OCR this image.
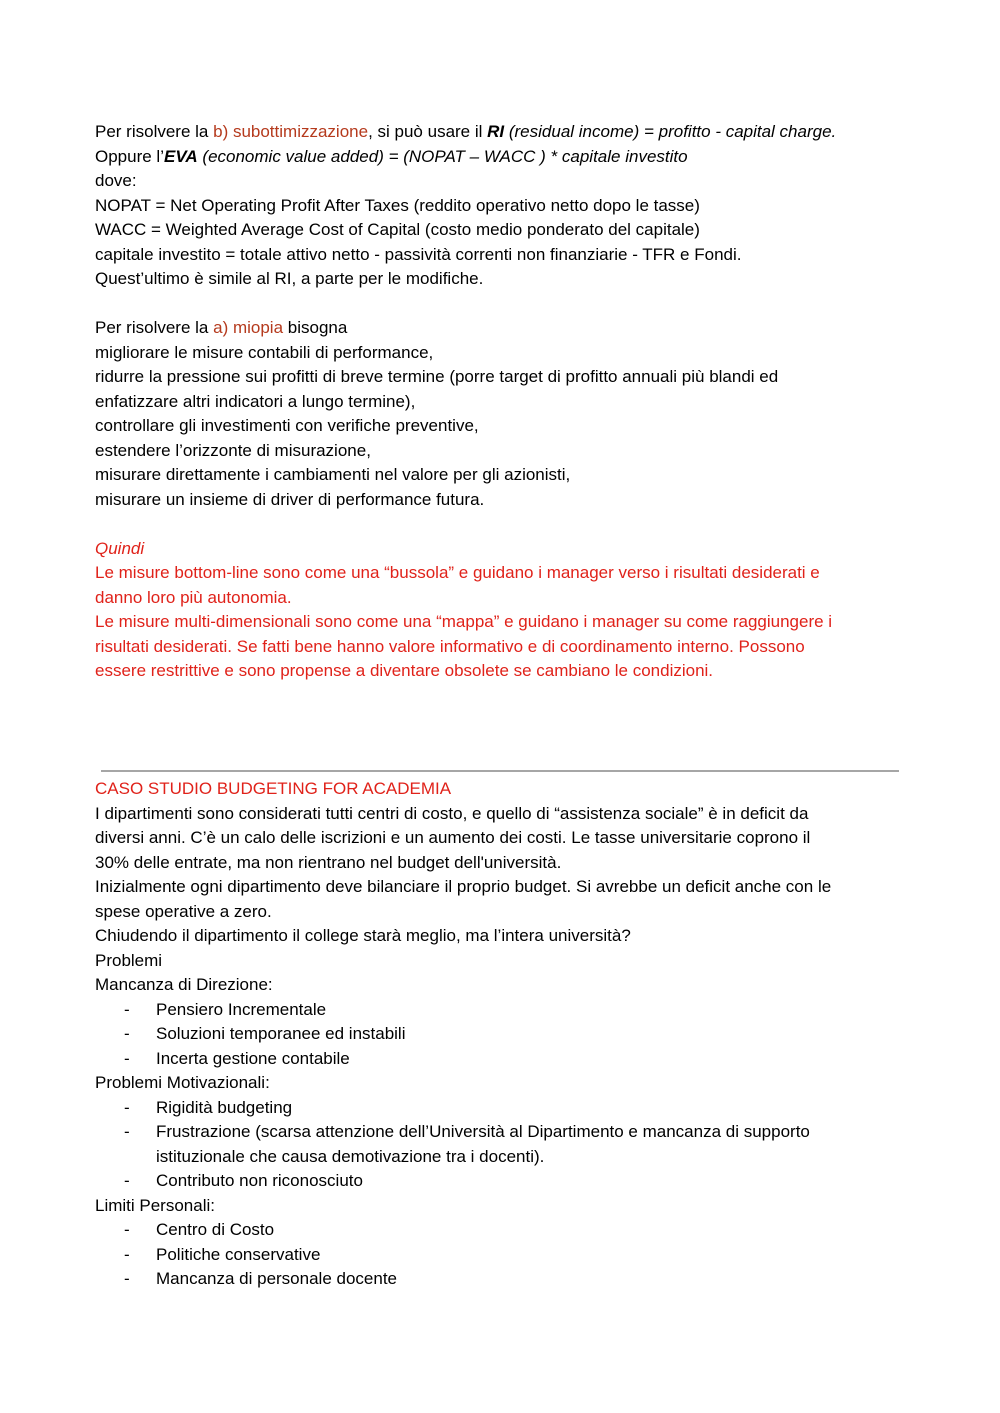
Per risolvere la b) subottimizzazione, si può usare il RI (residual income) = profitto - capital charge.
Oppure l’EVA (economic value added) = (NOPAT – WACC ) * capitale investito
dove:
NOPAT = Net Operating Profit After Taxes (reddito operativo netto dopo le tasse)
WACC = Weighted Average Cost of Capital (costo medio ponderato del capitale)
capitale investito = totale attivo netto - passività correnti non finanziarie - TFR e Fondi.
Quest’ultimo è simile al RI, a parte per le modifiche.
Per risolvere la a) miopia bisogna
migliorare le misure contabili di performance,
ridurre la pressione sui profitti di breve termine (porre target di profitto annuali più blandi ed
enfatizzare altri indicatori a lungo termine),
controllare gli investimenti con verifiche preventive,
estendere l’orizzonte di misurazione,
misurare direttamente i cambiamenti nel valore per gli azionisti,
misurare un insieme di driver di performance futura.
Quindi
Le misure bottom-line sono come una “bussola” e guidano i manager verso i risultati desiderati e
danno loro più autonomia.
Le misure multi-dimensionali sono come una “mappa” e guidano i manager su come raggiungere i
risultati desiderati. Se fatti bene hanno valore informativo e di coordinamento interno. Possono
essere restrittive e sono propense a diventare obsolete se cambiano le condizioni.
CASO STUDIO BUDGETING FOR ACADEMIA
I dipartimenti sono considerati tutti centri di costo, e quello di “assistenza sociale” è in deficit da
diversi anni. C’è un calo delle iscrizioni e un aumento dei costi. Le tasse universitarie coprono il
30% delle entrate, ma non rientrano nel budget dell'università.
Inizialmente ogni dipartimento deve bilanciare il proprio budget. Si avrebbe un deficit anche con le
spese operative a zero.
Chiudendo il dipartimento il college starà meglio, ma l’intera università?
Problemi
Mancanza di Direzione:
-	Pensiero Incrementale
-	Soluzioni temporanee ed instabili
-	Incerta gestione contabile
Problemi Motivazionali:
-	Rigidità budgeting
-	Frustrazione (scarsa attenzione dell’Università al Dipartimento e mancanza di supporto
istituzionale che causa demotivazione tra i docenti).
-	Contributo non riconosciuto
Limiti Personali:
-	Centro di Costo
-	Politiche conservative
-	Mancanza di personale docente
